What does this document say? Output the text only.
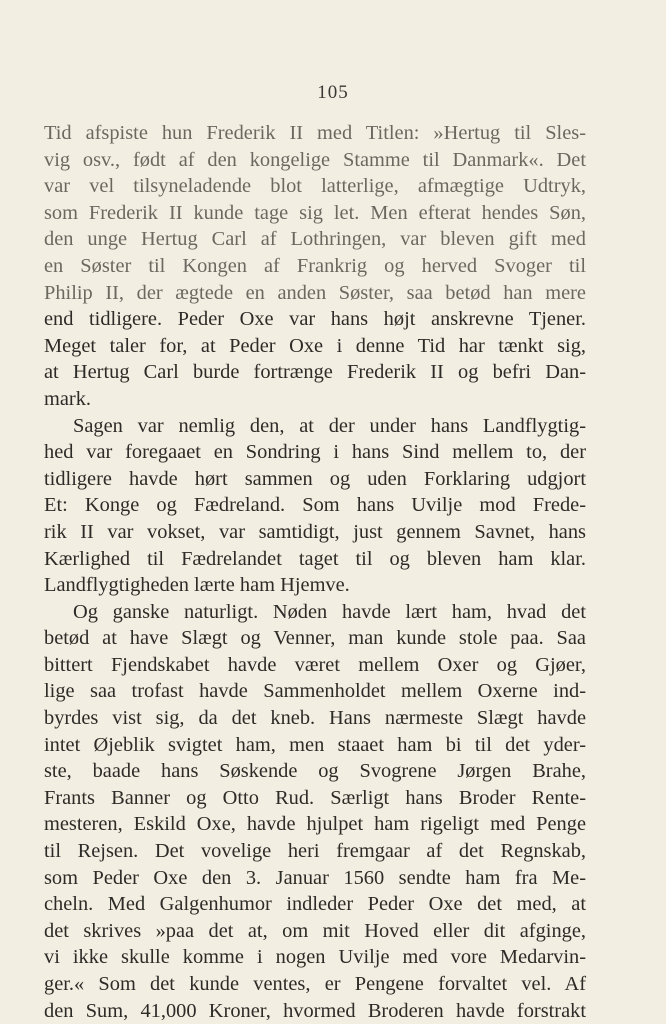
105
Tid afspiste hun Frederik II med Titlen: »Hertug til Sles-
vig osv., født af den kongelige Stamme til Danmark«. Det
var vel tilsyneladende blot latterlige, afmægtige Udtryk,
som Frederik II kunde tage sig let. Men efterat hendes Søn,
den unge Hertug Carl af Lothringen, var bleven gift med
en Søster til Kongen af Frankrig og herved Svoger til
Philip II, der ægtede en anden Søster, saa betød han mere
end tidligere. Peder Oxe var hans højt anskrevne Tjener.
Meget taler for, at Peder Oxe i denne Tid har tænkt sig,
at Hertug Carl burde fortrænge Frederik II og befri Dan-
mark.
Sagen var nemlig den, at der under hans Landflygtig-
hed var foregaaet en Sondring i hans Sind mellem to, der
tidligere havde hørt sammen og uden Forklaring udgjort
Et: Konge og Fædreland. Som hans Uvilje mod Frede-
rik II var vokset, var samtidigt, just gennem Savnet, hans
Kærlighed til Fædrelandet taget til og bleven ham klar.
Landflygtigheden lærte ham Hjemve.
Og ganske naturligt. Nøden havde lært ham, hvad det
betød at have Slægt og Venner, man kunde stole paa. Saa
bittert Fjendskabet havde været mellem Oxer og Gjøer,
lige saa trofast havde Sammenholdet mellem Oxerne ind-
byrdes vist sig, da det kneb. Hans nærmeste Slægt havde
intet Øjeblik svigtet ham, men staaet ham bi til det yder-
ste, baade hans Søskende og Svogrene Jørgen Brahe,
Frants Banner og Otto Rud. Særligt hans Broder Rente-
mesteren, Eskild Oxe, havde hjulpet ham rigeligt med Penge
til Rejsen. Det vovelige heri fremgaar af det Regnskab,
som Peder Oxe den 3. Januar 1560 sendte ham fra Me-
cheln. Med Galgenhumor indleder Peder Oxe det med, at
det skrives »paa det at, om mit Hoved eller dit afginge,
vi ikke skulle komme i nogen Uvilje med vore Medarvin-
ger.« Som det kunde ventes, er Pengene forvaltet vel. Af
den Sum, 41,000 Kroner, hvormed Broderen havde forstrakt
